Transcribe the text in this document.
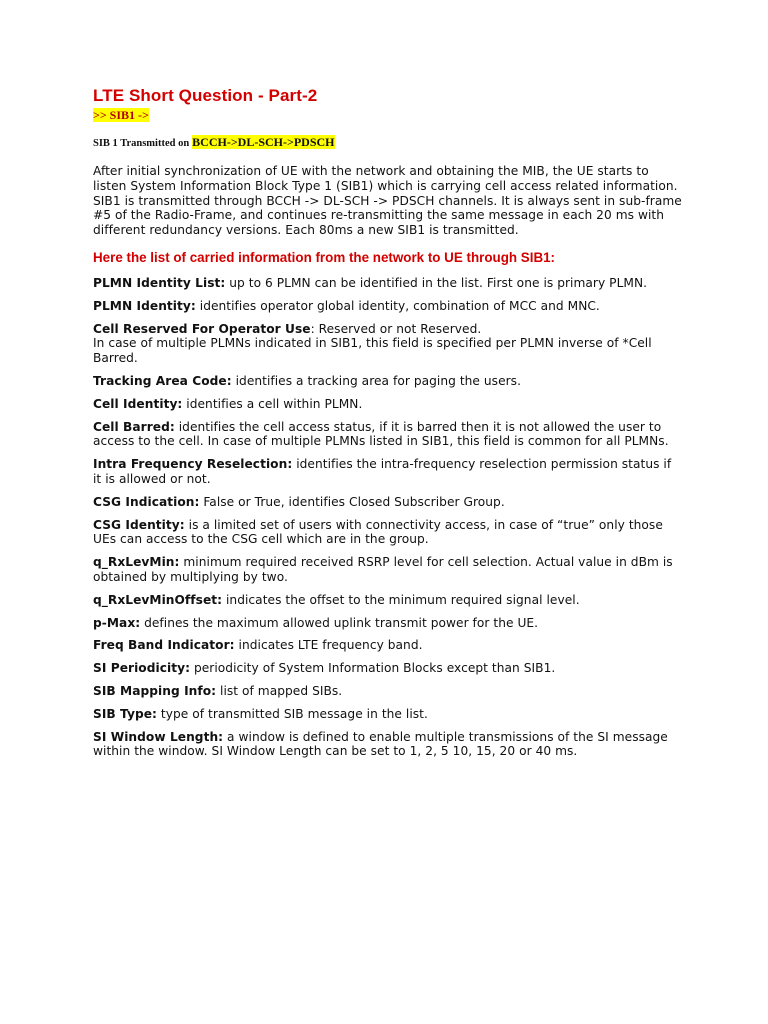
LTE Short Question - Part-2

>> SIB1 ->

SIB 1 Transmitted on BCCH->DL-SCH->PDSCH

After initial synchronization of UE with the network and obtaining the MIB, the UE starts to listen System Information Block Type 1 (SIB1) which is carrying cell access related information. SIB1 is transmitted through BCCH -> DL-SCH -> PDSCH channels. It is always sent in sub-frame #5 of the Radio-Frame, and continues re-transmitting the same message in each 20 ms with different redundancy versions. Each 80ms a new SIB1 is transmitted.

Here the list of carried information from the network to UE through SIB1:

PLMN Identity List: up to 6 PLMN can be identified in the list. First one is primary PLMN.

PLMN Identity: identifies operator global identity, combination of MCC and MNC.

Cell Reserved For Operator Use: Reserved or not Reserved.
In case of multiple PLMNs indicated in SIB1, this field is specified per PLMN inverse of *Cell Barred.

Tracking Area Code: identifies a tracking area for paging the users.

Cell Identity: identifies a cell within PLMN.

Cell Barred: identifies the cell access status, if it is barred then it is not allowed the user to access to the cell. In case of multiple PLMNs listed in SIB1, this field is common for all PLMNs.

Intra Frequency Reselection: identifies the intra-frequency reselection permission status if it is allowed or not.

CSG Indication: False or True, identifies Closed Subscriber Group.

CSG Identity: is a limited set of users with connectivity access, in case of “true” only those UEs can access to the CSG cell which are in the group.

q_RxLevMin: minimum required received RSRP level for cell selection. Actual value in dBm is obtained by multiplying by two.

q_RxLevMinOffset: indicates the offset to the minimum required signal level.

p-Max: defines the maximum allowed uplink transmit power for the UE.

Freq Band Indicator: indicates LTE frequency band.

SI Periodicity: periodicity of System Information Blocks except than SIB1.

SIB Mapping Info: list of mapped SIBs.

SIB Type: type of transmitted SIB message in the list.

SI Window Length: a window is defined to enable multiple transmissions of the SI message within the window. SI Window Length can be set to 1, 2, 5 10, 15, 20 or 40 ms.
